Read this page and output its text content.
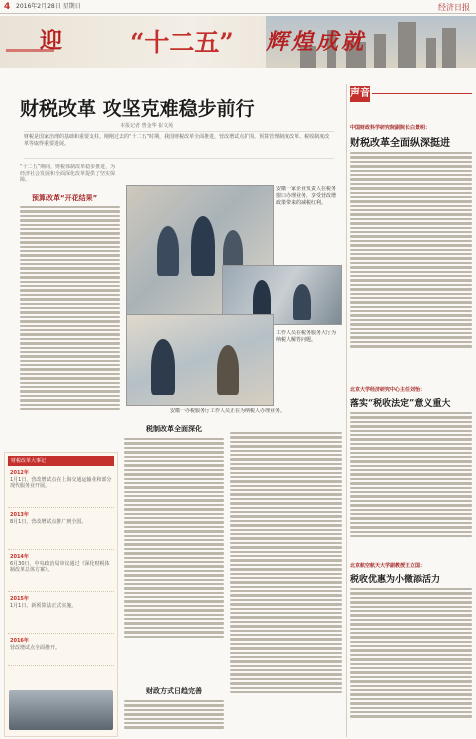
4 2016年2月28日 星期日	经济日报
迎	“十二五” 辉煌成就
财税改革 攻坚克难稳步前行
本报记者 曾金华 崔文苑
财税是国家治理的基础和重要支柱。刚刚过去的“十二五”时期，我国财税改革全面推进，营改增试点扩围、预算管理制度改革、税收制度改革等取得重要进展。
“十二五”期间，财税体制改革稳步推进，为经济社会发展和全面深化改革提供了坚实保障。
预算改革“开花结果”
安徽一家企业负责人在税务窗口办理业务，享受营改增政策带来的减税红利。
工作人员在税务服务大厅为纳税人解答问题。
安徽一办税服务厅工作人员正在为纳税人办理业务。
财税改革大事记
2012年
1月1日，营改增试点在上海交通运输业和部分现代服务业开展。
2013年
8月1日，营改增试点推广到全国。
2014年
6月30日，中央政治局审议通过《深化财税体制改革总体方案》。
2015年
1月1日，新预算法正式实施。
2016年
营改增试点全面推开。
税制改革全面深化
财政方式日趋完善
声音
中国财政科学研究院副院长白景明：
财税改革全面纵深挺进
北京大学经济研究中心主任刘怡：
落实“税收法定”意义重大
北京航空航天大学副教授王立国：
税收优惠为小微添活力
